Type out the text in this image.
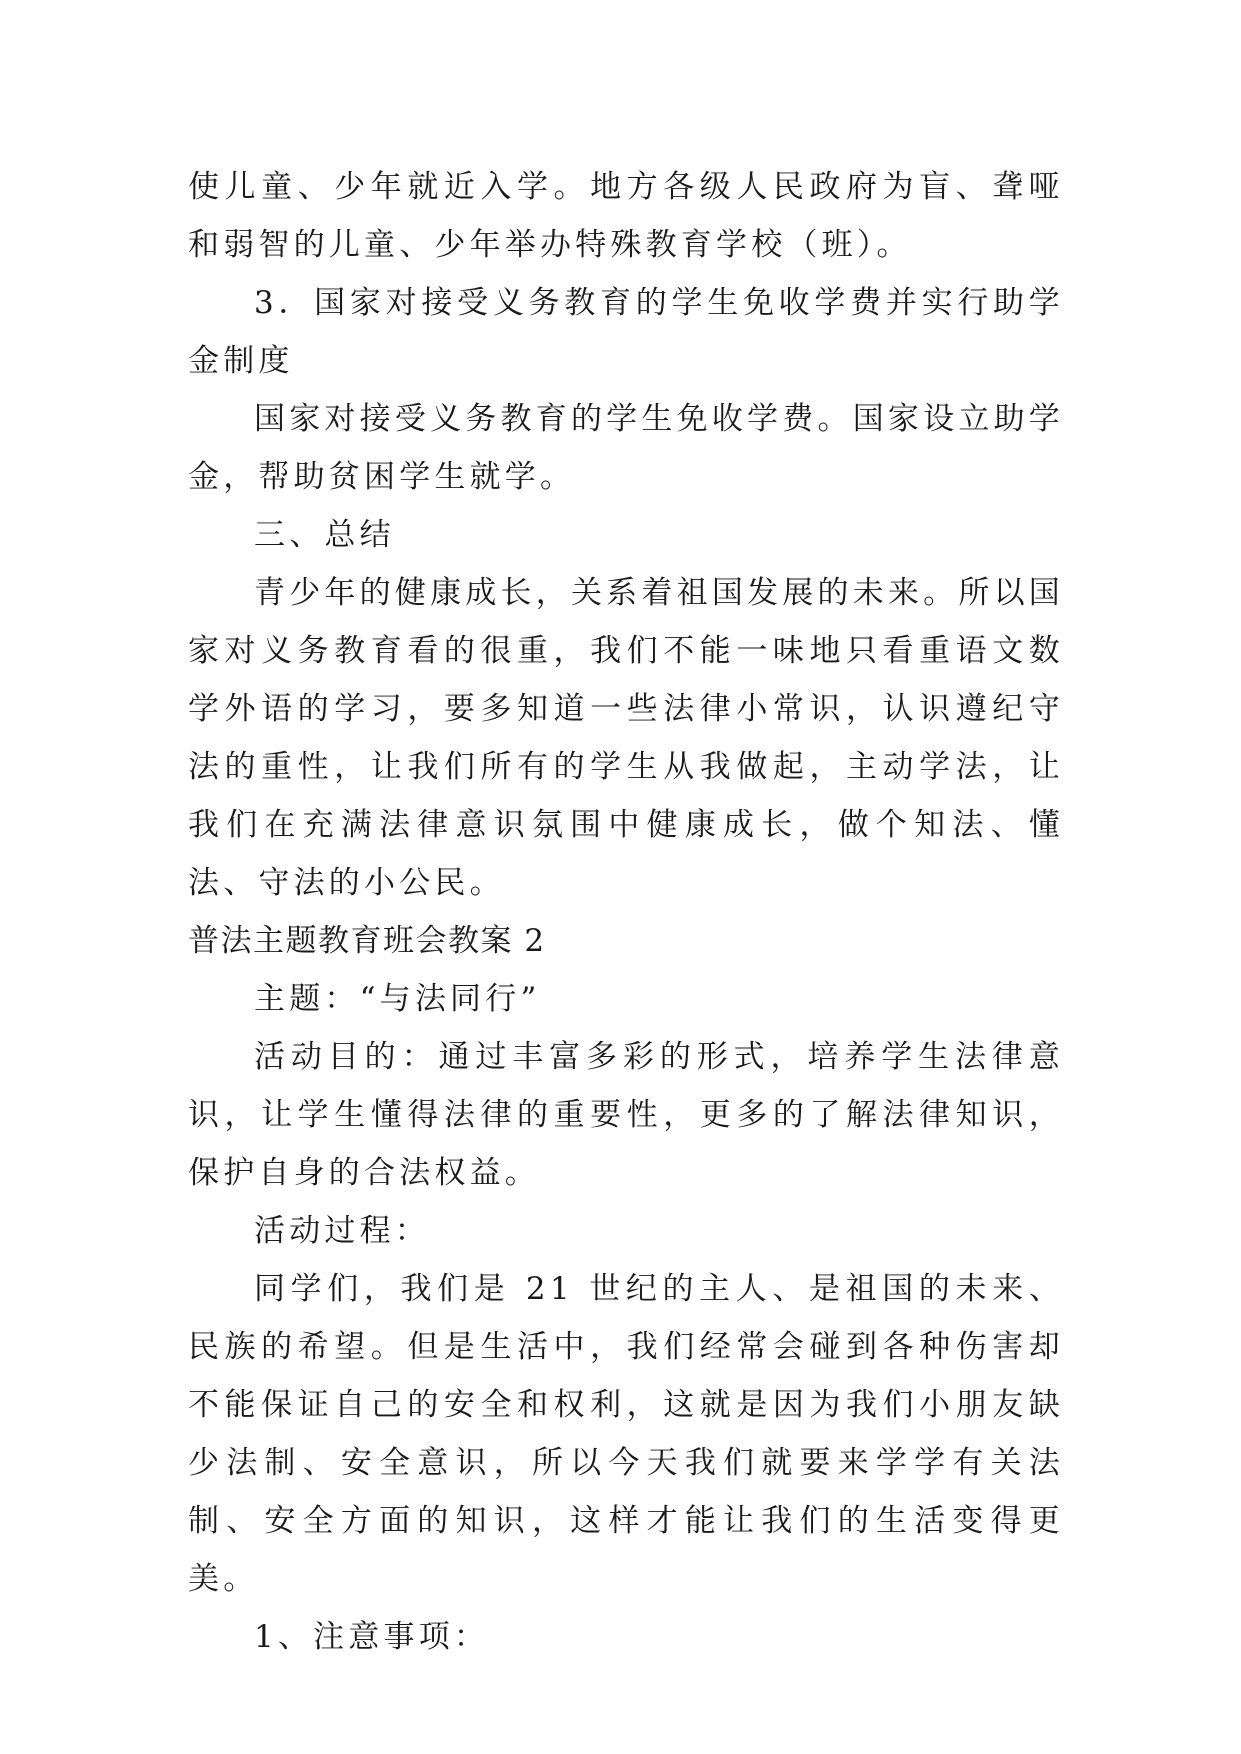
使儿童、少年就近入学。地方各级人民政府为盲、聋哑和弱智的儿童、少年举办特殊教育学校（班）。

3．国家对接受义务教育的学生免收学费并实行助学金制度

国家对接受义务教育的学生免收学费。国家设立助学金，帮助贫困学生就学。

三、总结

青少年的健康成长，关系着祖国发展的未来。所以国家对义务教育看的很重，我们不能一味地只看重语文数学外语的学习，要多知道一些法律小常识，认识遵纪守法的重性，让我们所有的学生从我做起，主动学法，让我们在充满法律意识氛围中健康成长，做个知法、懂法、守法的小公民。

普法主题教育班会教案 2

主题：“与法同行”

活动目的：通过丰富多彩的形式，培养学生法律意识，让学生懂得法律的重要性，更多的了解法律知识，保护自身的合法权益。

活动过程：

同学们，我们是 21 世纪的主人、是祖国的未来、民族的希望。但是生活中，我们经常会碰到各种伤害却不能保证自己的安全和权利，这就是因为我们小朋友缺少法制、安全意识，所以今天我们就要来学学有关法制、安全方面的知识，这样才能让我们的生活变得更美。

1、注意事项：
